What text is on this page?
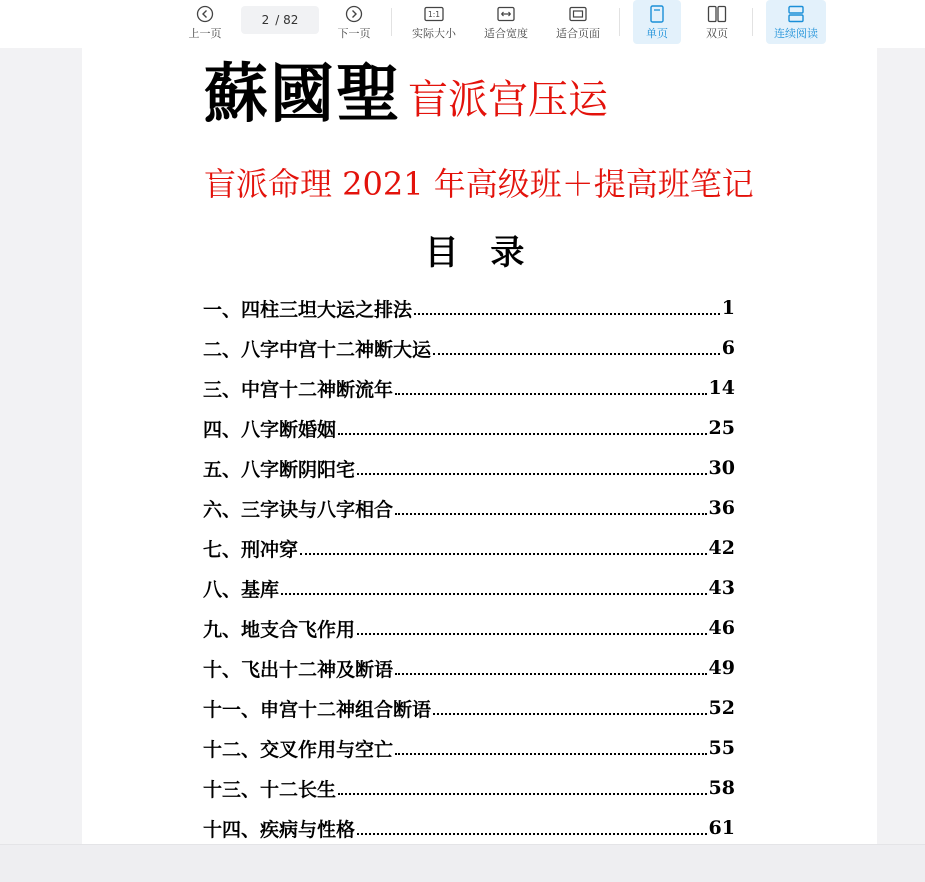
上一页
2 / 82
下一页
1:1
实际大小	适合宽度	适合页面	单页	双页	连续阅读
蘇國聖 盲派宫压运
盲派命理 2021 年高级班＋提高班笔记
目 录
一、四柱三坦大运之排法	1
二、八字中宫十二神断大运	6
三、中宫十二神断流年	14
四、八字断婚姻	25
五、八字断阴阳宅	30
六、三字诀与八字相合	36
七、刑冲穿	42
八、基库	43
九、地支合飞作用	46
十、飞出十二神及断语	49
十一、申宫十二神组合断语	52
十二、交叉作用与空亡	55
十三、十二长生	58
十四、疾病与性格	61
